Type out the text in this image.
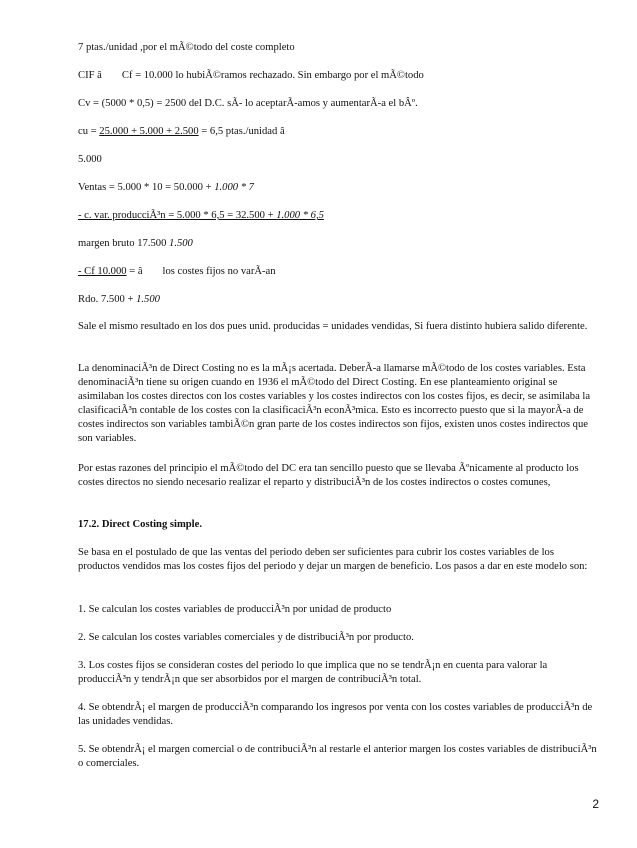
7 ptas./unidad ,por el mÃ©todo del coste completo

CIF â Cf = 10.000 lo hubiÃ©ramos rechazado. Sin embargo por el mÃ©todo

Cv = (5000 * 0,5) = 2500 del D.C. sÃ- lo aceptarÃ-amos y aumentarÃ-a el bÂº.

cu = 25.000 + 5.000 + 2.500 = 6,5 ptas./unidad â

5.000

Ventas = 5.000 * 10 = 50.000 + 1.000 * 7

- c. var. producciÃ³n = 5.000 * 6,5 = 32.500 + 1.000 * 6,5

margen bruto 17.500 1.500

- Cf 10.000 = â los costes fijos no varÃ-an

Rdo. 7.500 + 1.500

Sale el mismo resultado en los dos pues unid. producidas = unidades vendidas, Si fuera distinto hubiera salido diferente.

La denominaciÃ³n de Direct Costing no es la mÃ¡s acertada. DeberÃ-a llamarse mÃ©todo de los costes variables. Esta denominaciÃ³n tiene su origen cuando en 1936 el mÃ©todo del Direct Costing. En ese planteamiento original se asimilaban los costes directos con los costes variables y los costes indirectos con los costes fijos, es decir, se asimilaba la clasificaciÃ³n contable de los costes con la clasificaciÃ³n econÃ³mica. Esto es incorrecto puesto que si la mayorÃ-a de costes indirectos son variables tambiÃ©n gran parte de los costes indirectos son fijos, existen unos costes indirectos que son variables.

Por estas razones del principio el mÃ©todo del DC era tan sencillo puesto que se llevaba Ãºnicamente al producto los costes directos no siendo necesario realizar el reparto y distribuciÃ³n de los costes indirectos o costes comunes,

17.2. Direct Costing simple.

Se basa en el postulado de que las ventas del periodo deben ser suficientes para cubrir los costes variables de los productos vendidos mas los costes fijos del periodo y dejar un margen de beneficio. Los pasos a dar en este modelo son:

1. Se calculan los costes variables de producciÃ³n por unidad de producto

2. Se calculan los costes variables comerciales y de distribuciÃ³n por producto.

3. Los costes fijos se consideran costes del periodo lo que implica que no se tendrÃ¡n en cuenta para valorar la producciÃ³n y tendrÃ¡n que ser absorbidos por el margen de contribuciÃ³n total.

4. Se obtendrÃ¡ el margen de producciÃ³n comparando los ingresos por venta con los costes variables de producciÃ³n de las unidades vendidas.

5. Se obtendrÃ¡ el margen comercial o de contribuciÃ³n al restarle el anterior margen los costes variables de distribuciÃ³n o comerciales.

2
